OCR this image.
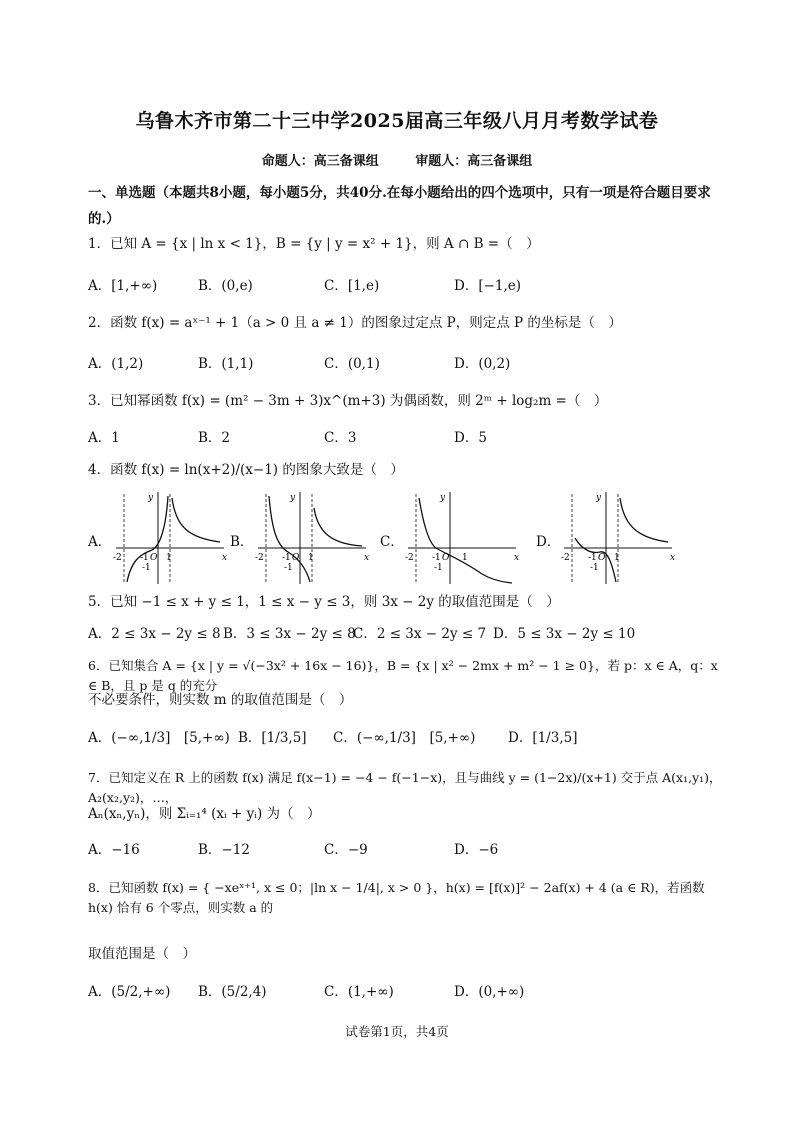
乌鲁木齐市第二十三中学2025届高三年级八月月考数学试卷
命题人：高三备课组	审题人：高三备课组
一、单选题（本题共8小题，每小题5分，共40分.在每小题给出的四个选项中，只有一项是符合题目要求的.）
1．已知 A = {x | ln x < 1}，B = {y | y = x² + 1}，则 A ∩ B =（　）
A．[1,+∞)	B．(0,e)	C．[1,e)	D．[−1,e)
2．函数 f(x) = aˣ⁻¹ + 1（a > 0 且 a ≠ 1）的图象过定点 P，则定点 P 的坐标是（　）
A．(1,2)	B．(1,1)	C．(0,1)	D．(0,2)
3．已知幂函数 f(x) = (m² − 3m + 3)x^(m+3) 为偶函数，则 2ᵐ + log₂m =（　）
A．1	B．2	C．3	D．5
4．函数 f(x) = ln(x+2)/(x−1) 的图象大致是（　）
A．
-2 -1 O 1	x
y
-1
B．
-2 -1 O 1	x
y
-1
C．
-2 -1 O 1	x
y
-1
D．
-2 -1 O 1	x
y
-1
5．已知 −1 ≤ x + y ≤ 1，1 ≤ x − y ≤ 3，则 3x − 2y 的取值范围是（　）
A．2 ≤ 3x − 2y ≤ 8 B．3 ≤ 3x − 2y ≤ 8
C．2 ≤ 3x − 2y ≤ 7 D．5 ≤ 3x − 2y ≤ 10
6．已知集合 A = {x | y = √(−3x² + 16x − 16)}，B = {x | x² − 2mx + m² − 1 ≥ 0}，若 p：x ∈ A，q：x ∈ B，且 p 是 q 的充分
不必要条件，则实数 m 的取值范围是（　）
A．(−∞,1/3]　[5,+∞) B．[1/3,5] C．(−∞,1/3]　[5,+∞) D．[1/3,5]
7．已知定义在 R 上的函数 f(x) 满足 f(x−1) = −4 − f(−1−x)，且与曲线 y = (1−2x)/(x+1) 交于点 A(x₁,y₁)，A₂(x₂,y₂)，…，
Aₙ(xₙ,yₙ)，则 Σᵢ₌₁⁴ (xᵢ + yᵢ) 为（　）
A．−16	B．−12	C．−9	D．−6
8．已知函数 f(x) = { −xeˣ⁺¹, x ≤ 0；|ln x − 1/4|, x > 0 }，h(x) = [f(x)]² − 2af(x) + 4 (a ∈ R)，若函数 h(x) 恰有 6 个零点，则实数 a 的
取值范围是（　）
A．(5/2,+∞) B．(5/2,4)	C．(1,+∞)	D．(0,+∞)
试卷第1页，共4页
